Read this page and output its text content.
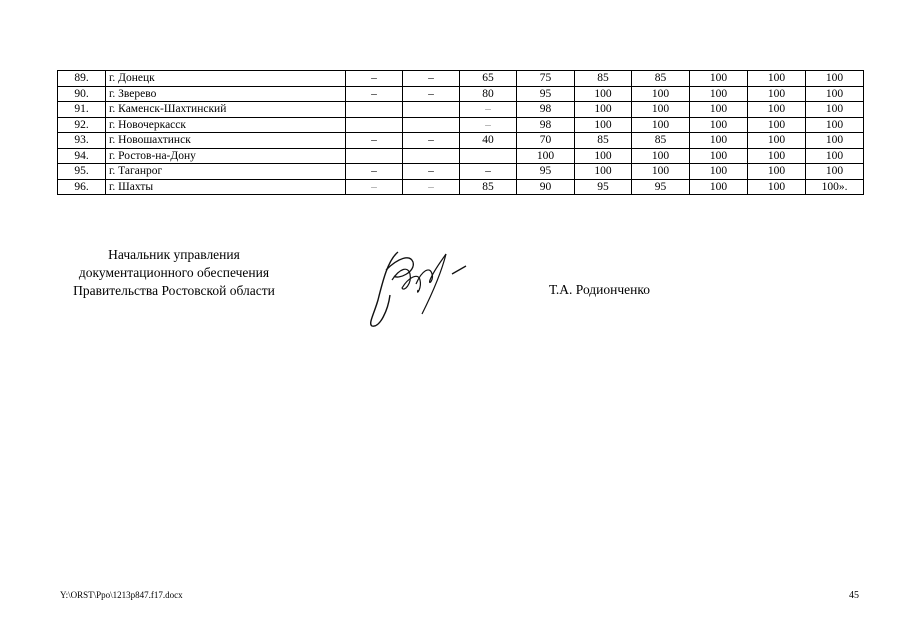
89.	г. Донецк	–	–	65	75	85	85	100	100	100
90.	г. Зверево	–	–	80	95	100	100	100	100	100
91.	г. Каменск-Шахтинский			–	98	100	100	100	100	100
92.	г. Новочеркасск			–	98	100	100	100	100	100
93.	г. Новошахтинск	–	–	40	70	85	85	100	100	100
94.	г. Ростов-на-Дону				100	100	100	100	100	100
95.	г. Таганрог	–	–	–	95	100	100	100	100	100
96.	г. Шахты	–	–	85	90	95	95	100	100	100».
Начальник управления
документационного обеспечения
Правительства Ростовской области	Т.А. Родионченко
Y:\ORST\Ppo\1213p847.f17.docx	45
